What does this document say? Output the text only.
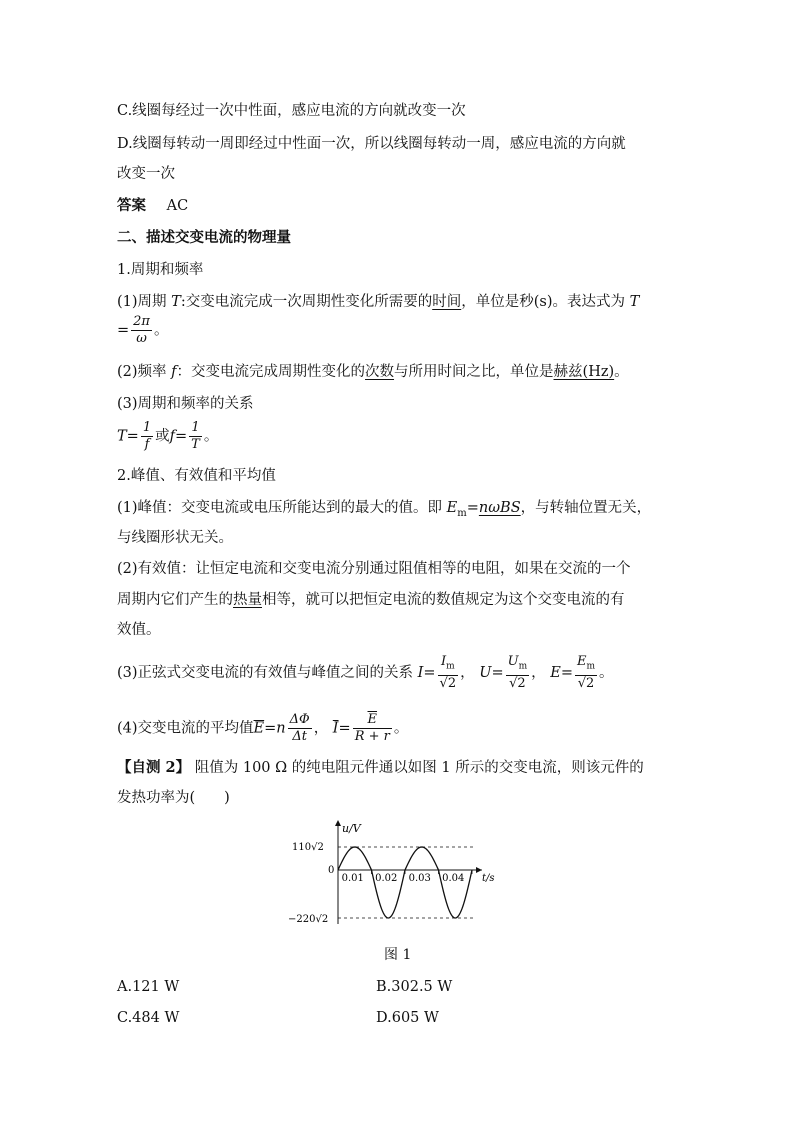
C.线圈每经过一次中性面，感应电流的方向就改变一次
D.线圈每转动一周即经过中性面一次，所以线圈每转动一周，感应电流的方向就
改变一次
答案 AC
二、描述交变电流的物理量
1.周期和频率
(1)周期 T:交变电流完成一次周期性变化所需要的时间，单位是秒(s)。表达式为 T
= $\frac{2\pi}{\omega}$ 。
(2)频率 f：交变电流完成周期性变化的次数与所用时间之比，单位是赫兹(Hz)。
(3)周期和频率的关系
$T= \frac{1}{f}$ 或$f= \frac{1}{T}$ 。
2.峰值、有效值和平均值
(1)峰值：交变电流或电压所能达到的最大的值。即 $E_m=n\omega BS$，与转轴位置无关，
与线圈形状无关。
(2)有效值：让恒定电流和交变电流分别通过阻值相等的电阻，如果在交流的一个
周期内它们产生的热量相等，就可以把恒定电流的数值规定为这个交变电流的有
效值。
(3)正弦式交变电流的有效值与峰值之间的关系 $I= \frac{I_m}{√2}$ ， $U= \frac{U_m}{√2}$ ， $E= \frac{E_m}{√2}$ 。
(4)交变电流的平均值$\overline{E}=n \frac{\Delta\Phi}{\Delta t}$ ， $\overline{I}= \frac{\overline{E}}{R + r}$ 。
【自测 2】 阻值为 100 Ω 的纯电阻元件通以如图 1 所示的交变电流，则该元件的
发热功率为(　　)
u/V
t/s
110√2
0
−220√2
0.01 0.02 0.03 0.04
图 1
A.121 W	B.302.5 W
C.484 W	D.605 W
